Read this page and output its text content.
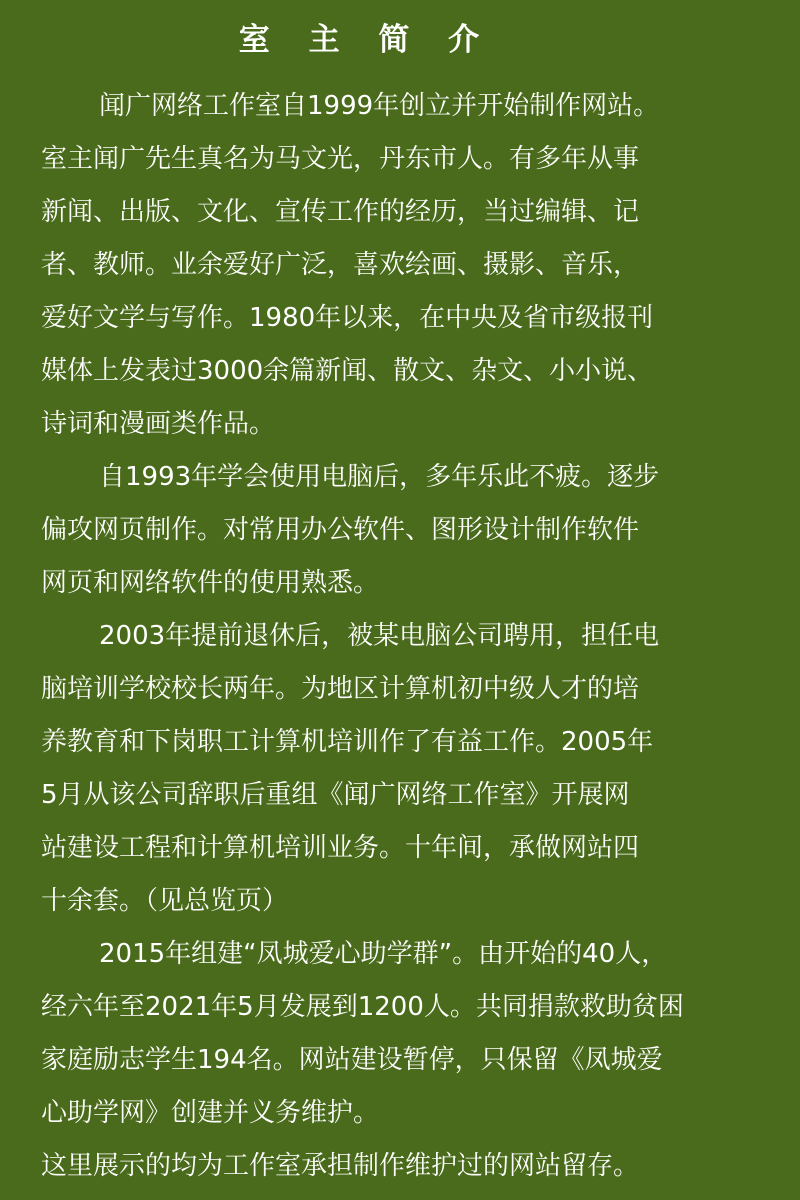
室 主 简 介
闻广网络工作室自1999年创立并开始制作网站。
室主闻广先生真名为马文光，丹东市人。有多年从事
新闻、出版、文化、宣传工作的经历，当过编辑、记
者、教师。业余爱好广泛，喜欢绘画、摄影、音乐，
爱好文学与写作。1980年以来，在中央及省市级报刊
媒体上发表过3000余篇新闻、散文、杂文、小小说、
诗词和漫画类作品。
自1993年学会使用电脑后，多年乐此不疲。逐步
偏攻网页制作。对常用办公软件、图形设计制作软件
网页和网络软件的使用熟悉。
2003年提前退休后，被某电脑公司聘用，担任电
脑培训学校校长两年。为地区计算机初中级人才的培
养教育和下岗职工计算机培训作了有益工作。2005年
5月从该公司辞职后重组《闻广网络工作室》开展网
站建设工程和计算机培训业务。十年间，承做网站四
十余套。（见总览页）
2015年组建“凤城爱心助学群”。由开始的40人，
经六年至2021年5月发展到1200人。共同捐款救助贫困
家庭励志学生194名。网站建设暂停，只保留《凤城爱
心助学网》创建并义务维护。
这里展示的均为工作室承担制作维护过的网站留存。
